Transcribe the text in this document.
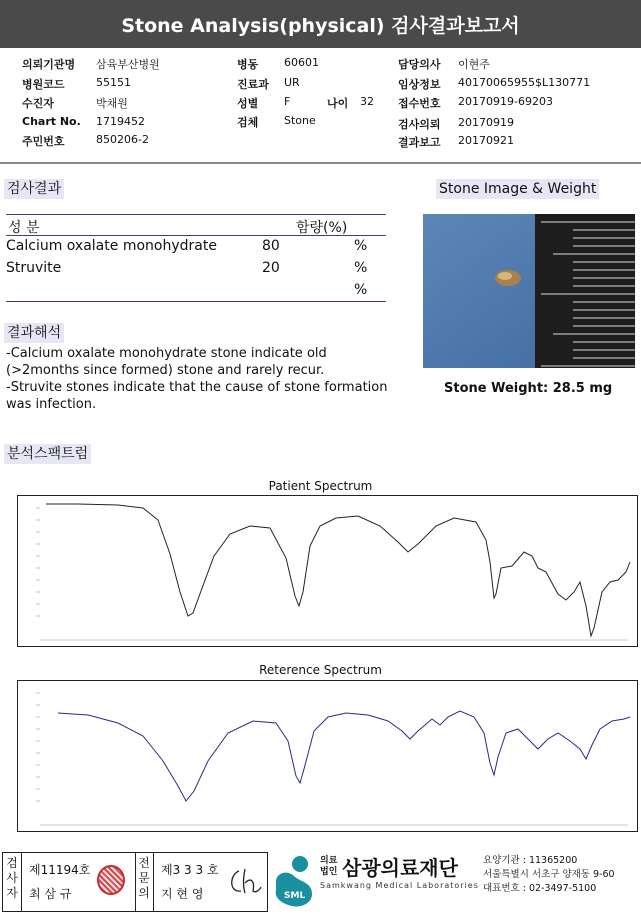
Stone Analysis(physical) 검사결과보고서
의뢰기관명 삼육부산병원
병원코드	55151
수진자	박채원
Chart No. 1719452
주민번호	850206-2
병동 60601
진료과 UR
성별 F	나이 32
검체 Stone
담당의사 이현주
임상정보 40170065955$L130771
접수번호 20170919-69203
검사의뢰 20170919
결과보고 20170921
검사결과	Stone Image & Weight
성 분	함량(%)
Calcium oxalate monohydrate	80	%
Struvite	20	%
%
결과해석
-Calcium oxalate monohydrate stone indicate old
(>2months since formed) stone and rarely recur.
-Struvite stones indicate that the cause of stone formation
was infection.
Stone Weight: 28.5 mg
분석스팩트럼
Patient Spectrum
Reterence Spectrum
검사자
제11194호
최 삼 규
전문의
제3 3 3 호
지 현 영	SML
의료
법인 삼광의료재단
Samkwang Medical Laboratories
요양기관 : 11365200
서울특별시 서초구 양재동 9-60
대표번호 : 02-3497-5100
